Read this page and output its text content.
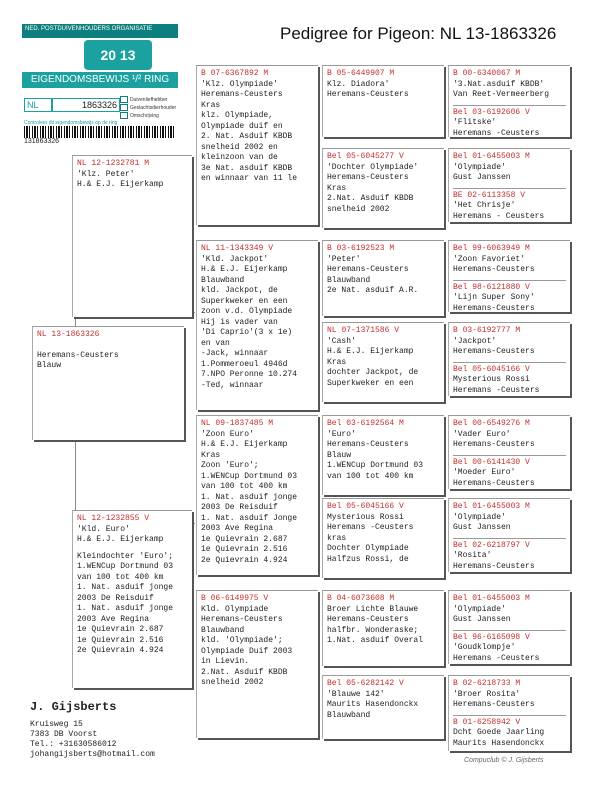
Pedigree for Pigeon: NL 13-1863326
NED. POSTDUIVENHOUDERS ORGANISATIE
20 13
EIGENDOMSBEWIJS ¹/² RING
NL	1863326	Duivenliefhebber
Geslachtsdierhouder
Omschrijving
Controleer dit eigendomsbewijs op de ring
131863326
NL 13-1863326
Heremans-Ceusters
Blauw
NL 12-1232781 M
'Klz. Peter'
H.& E.J. Eijerkamp
NL 12-1232855 V
'Kld. Euro'
H.& E.J. Eijerkamp
Kleindochter 'Euro';
1.WENCup Dortmund 03
van 100 tot 400 km
1. Nat. asduif jonge
2003 De Reisduif
1. Nat. asduif jonge
2003 Ave Regina
1e Quievrain 2.687
1e Quievrain 2.516
2e Quievrain 4.924
B 07-6367892 M
'Klz. Olympiade'
Heremans-Ceusters
Kras
klz. Olympiade,
Olympiade duif en
2. Nat. Asduif KBDB
snelheid 2002 en
kleinzoon van de
3e Nat. asduif KBDB
en winnaar van 11 le
NL 11-1343349 V
'Kld. Jackpot'
H.& E.J. Eijerkamp
Blauwband
kld. Jackpot, de
Superkweker en een
zoon v.d. Olympiade
Hij is vader van
'Di Caprio'(3 x 1e)
en van
-Jack, winnaar
1.Pommeroeul 4946d
7.NPO Peronne 10.274
-Ted, winnaar
NL 09-1837485 M
'Zoon Euro'
H.& E.J. Eijerkamp
Kras
Zoon 'Euro';
1.WENCup Dortmund 03
van 100 tot 400 km
1. Nat. asduif jonge
2003 De Reisduif
1. Nat. asduif Jonge
2003 Ave Regina
1e Quievrain 2.687
1e Quievrain 2.516
2e Quievrain 4.924
B 06-6149975 V
Kld. Olympiade
Heremans-Ceusters
Blauwband
kld. 'Olympiade';
Olympiade Duif 2003
in Lievin.
2.Nat. Asduif KBDB
snelheid 2002
B 05-6449907 M
Klz. Diadora'
Heremans-Ceusters
Bel 05-6045277 V
'Dochter Olympiade'
Heremans-Ceusters
Kras
2.Nat. Asduif KBDB
snelheid 2002
B 03-6192523 M
'Peter'
Heremans-Ceusters
Blauwband
2e Nat. asduif A.R.
NL 07-1371586 V
'Cash'
H.& E.J. Eijerkamp
Kras
dochter Jackpot, de
Superkweker en een
Bel 03-6192564 M
'Euro'
Heremans-Ceusters
Blauw
1.WENCup Dortmund 03
van 100 tot 400 km
Bel 05-6045166 V
Mysterious Rossi
Heremans -Ceusters
kras
Dochter Olympiade
Halfzus Rossi, de
B 04-6073608 M
Broer Lichte Blauwe
Heremans-Ceusters
halfbr. Wonderaske;
1.Nat. asduif Overal
Bel 05-6282142 V
'Blauwe 142'
Maurits Hasendonckx
Blauwband
B 00-6340067 M
'3.Nat.asduif KBDB'
Van Reet-Vermeerberg
Bel 03-6192606 V
'Flitske'
Heremans -Ceusters
Bel 01-6455003 M
'Olympiade'
Gust Janssen
BE 02-6113358 V
'Het Chrisje'
Heremans - Ceusters
Bel 99-6063949 M
'Zoon Favoriet'
Heremans-Ceusters
Bel 98-6121880 V
'Lijn Super Sony'
Heremans-Ceusters
B 03-6192777 M
'Jackpot'
Heremans-Ceusters
Bel 05-6045166 V
Mysterious Rossi
Heremans -Ceusters
Bel 00-6549276 M
'Vader Euro'
Heremans-Ceusters
Bel 00-6141430 V
'Moeder Euro'
Heremans-Ceusters
Bel 01-6455003 M
'Olympiade'
Gust Janssen
Bel 02-6218797 V
'Rosita'
Heremans-Ceusters
Bel 01-6455003 M
'Olympiade'
Gust Janssen
Bel 96-6165098 V
'Goudklompje'
Heremans -Ceusters
B 02-6218733 M
'Broer Rosita'
Heremans-Ceusters
B 01-6258942 V
Dcht Goede Jaarling
Maurits Hasendonckx
J. Gijsberts
Kruisweg 15
7383 DB Voorst
Tel.: +31630586012
johangijsberts@hotmail.com
Compuclub © J. Gijsberts
